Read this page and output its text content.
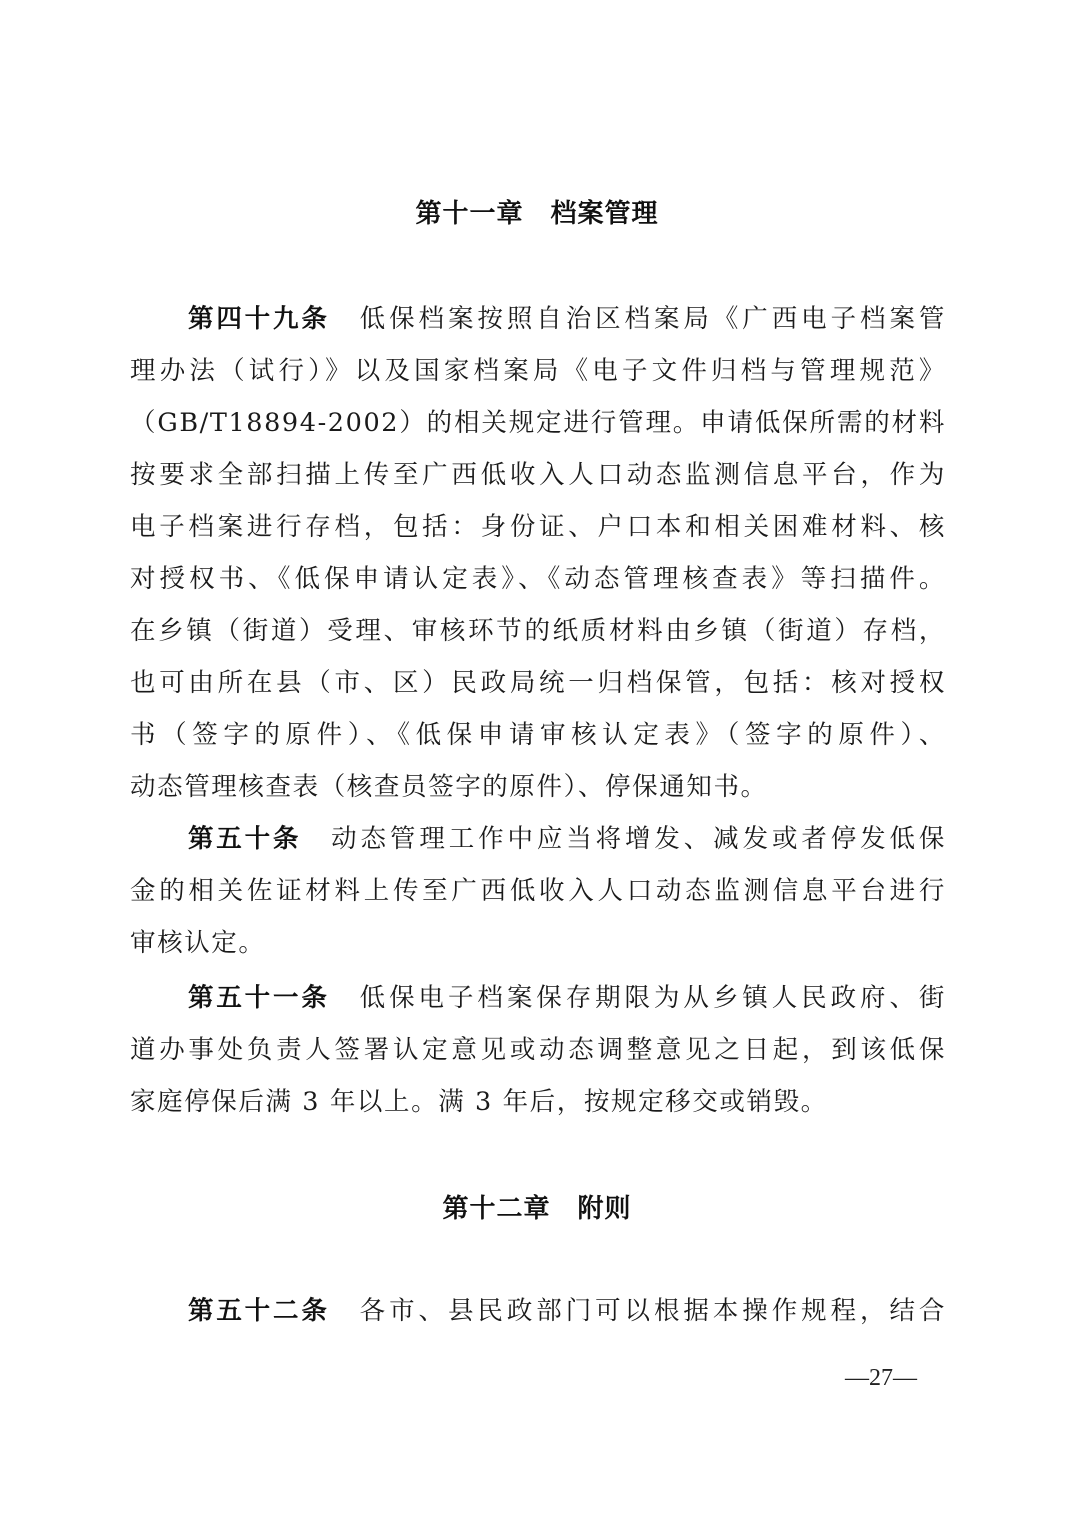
第十一章　档案管理
第四十九条 低保档案按照自治区档案局《广西电子档案管
理办法（试行）》以及国家档案局《电子文件归档与管理规范》
（GB/T18894-2002）的相关规定进行管理。申请低保所需的材料
按要求全部扫描上传至广西低收入人口动态监测信息平台，作为
电子档案进行存档，包括：身份证、户口本和相关困难材料、核
对授权书、《低保申请认定表》、《动态管理核查表》等扫描件。
在乡镇（街道）受理、审核环节的纸质材料由乡镇（街道）存档，
也可由所在县（市、区）民政局统一归档保管，包括：核对授权
书（签字的原件）、《低保申请审核认定表》（签字的原件）、
动态管理核查表（核查员签字的原件）、停保通知书。
第五十条 动态管理工作中应当将增发、减发或者停发低保
金的相关佐证材料上传至广西低收入人口动态监测信息平台进行
审核认定。
第五十一条 低保电子档案保存期限为从乡镇人民政府、街
道办事处负责人签署认定意见或动态调整意见之日起，到该低保
家庭停保后满 3 年以上。满 3 年后，按规定移交或销毁。
第十二章　附则
第五十二条 各市、县民政部门可以根据本操作规程，结合
—27—
